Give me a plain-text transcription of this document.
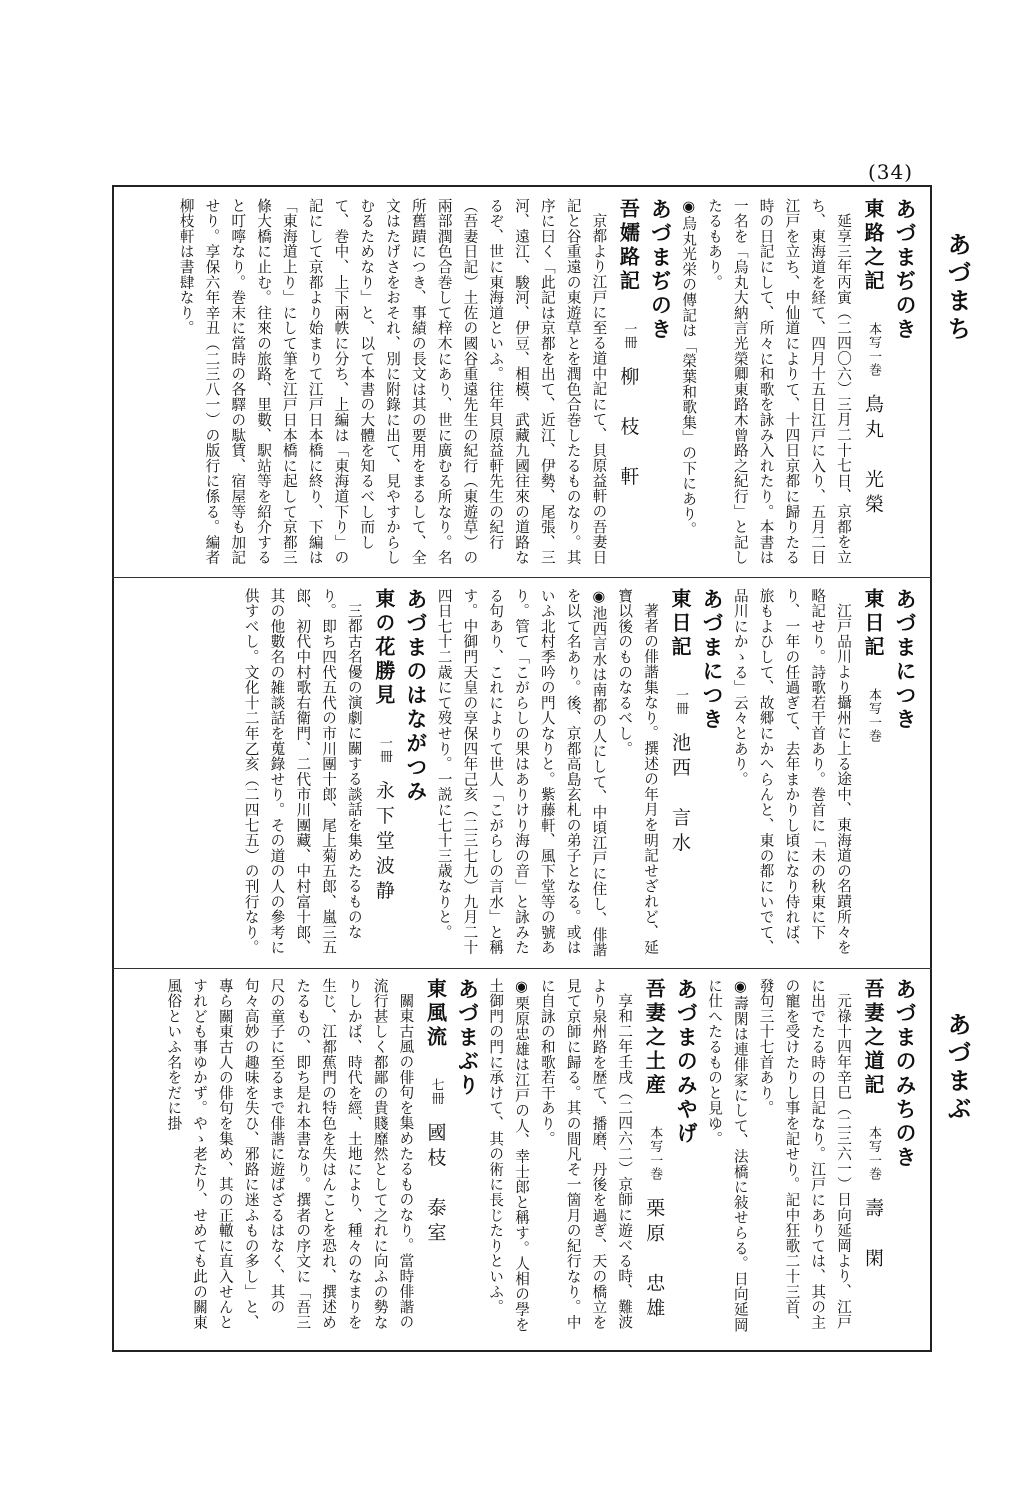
(34)
あづまち
あづまぶ
あづまぢのき
東路之記 本写一巻 鳥丸　光榮
延享三年丙寅（二四〇六）三月二十七日、京都を立ち、東海道を経て、四月十五日江戸に入り、五月二日江戸を立ち、中仙道によりて、十四日京都に歸りたる時の日記にして、所々に和歌を詠み入れたり。本書は一名を「烏丸大納言光榮卿東路木曾路之紀行」と記したるもあり。
◉烏丸光栄の傳記は「榮葉和歌集」の下にあり。
あづまぢのき
吾嬬路記 一冊 柳　枝　軒
京都より江戸に至る道中記にて、貝原益軒の吾妻日記と谷重遠の東遊草とを潤色合巻したるものなり。其序に曰く「此記は京都を出て、近江、伊勢、尾張、三河、遠江、駿河、伊豆、相模、武藏九國往來の道路なるぞ、世に東海道といふ。往年貝原益軒先生の紀行（吾妻日記）土佐の國谷重遠先生の紀行（東遊草）の兩部潤色合巻して梓木にあり、世に廣むる所なり。名所舊蹟につき、事績の長文は其の要用をまるして、全文はたげさをおそれ、別に附錄に出て、見やすからしむるためなり」と、以て本書の大體を知るべし而して、巻中、上下兩帙に分ち、上編は「東海道下り」の記にして京都より始まりて江戸日本橋に終り、下編は「東海道上り」にして筆を江戸日本橋に起して京都三條大橋に止む。往來の旅路、里數、駅站等を紹介すると叮嚀なり。巻末に當時の各驛の駄賃、宿屋等も加記せり。享保六年辛丑（二三八一）の版行に係る。編者柳枝軒は書肆なり。
あづまにつき
東日記 本写一巻
江戸品川より攝州に上る途中、東海道の名蹟所々を略記せり。詩歌若干首あり。巻首に「未の秋東に下り、一年の任過ぎて、去年まかりし頃になり侍れば、旅もよひして、故郷にかへらんと、東の都にいでて、品川にかゝる」云々とあり。
あづまにつき
東日記 一冊 池西　言水
著者の俳諧集なり。撰述の年月を明記せざれど、延寶以後のものなるべし。
◉池西言水は南都の人にして、中頃江戸に住し、俳諧を以て名あり。後、京都高島玄札の弟子となる。或はいふ北村季吟の門人なりと。紫藤軒、風下堂等の號あり。管て「こがらしの果はありけり海の音」と詠みたる句あり、これによりて世人「こがらしの言水」と稱す。中御門天皇の享保四年己亥（二三七九）九月二十四日七十二歳にて歿せり。一説に七十三歳なりと。
あづまのはながつみ
東の花勝見 一冊 永下堂波静
三都古名優の演劇に關する談話を集めたるものなり。即ち四代五代の市川團十郎、尾上菊五郎、嵐三五郎、初代中村歌右衛門、二代市川團藏、中村富十郎、其の他數名の雑談話を蒐錄せり。その道の人の參考に供すべし。文化十二年乙亥（二四七五）の刊行なり。
あづまのみちのき
吾妻之道記 本写一巻 壽　閑
元祿十四年辛巳（二三六一）日向延岡より、江戸に出でたる時の日記なり。江戸にありては、其の主の寵を受けたりし事を記せり。記中狂歌二十三首、發句三十七首あり。
◉壽閑は連俳家にして、法橋に敍せらる。日向延岡に仕へたるものと見ゆ。
あづまのみやげ
吾妻之土産 本写一巻 栗原　忠雄
享和二年壬戌（二四六二）京師に遊べる時、難波より泉州路を歴て、播磨、丹後を過ぎ、天の橋立を見て京師に歸る。其の間凡そ一箇月の紀行なり。中に自詠の和歌若干あり。
◉栗原忠雄は江戸の人、幸士郎と稱す。人相の學を土御門の門に承けて、其の術に長じたりといふ。
あづまぶり
東風流 七冊 國枝　泰室
關東古風の俳句を集めたるものなり。當時俳諧の流行甚しく都鄙の貴賤靡然として之れに向ふの勢なりしかば、時代を經、土地により、種々のなまりを生じ、江都蕉門の特色を失はんことを恐れ、撰述めたるもの、即ち是れ本書なり。撰者の序文に「吾三尺の童子に至るまで俳諧に遊ばざるはなく、其の句々高妙の趣味を失ひ、邪路に迷ふもの多し」と、專ら關東古人の俳句を集め、其の正轍に直入せんとすれども事ゆかず。やゝ老たり、せめても此の關東風俗といふ名をだに掛
